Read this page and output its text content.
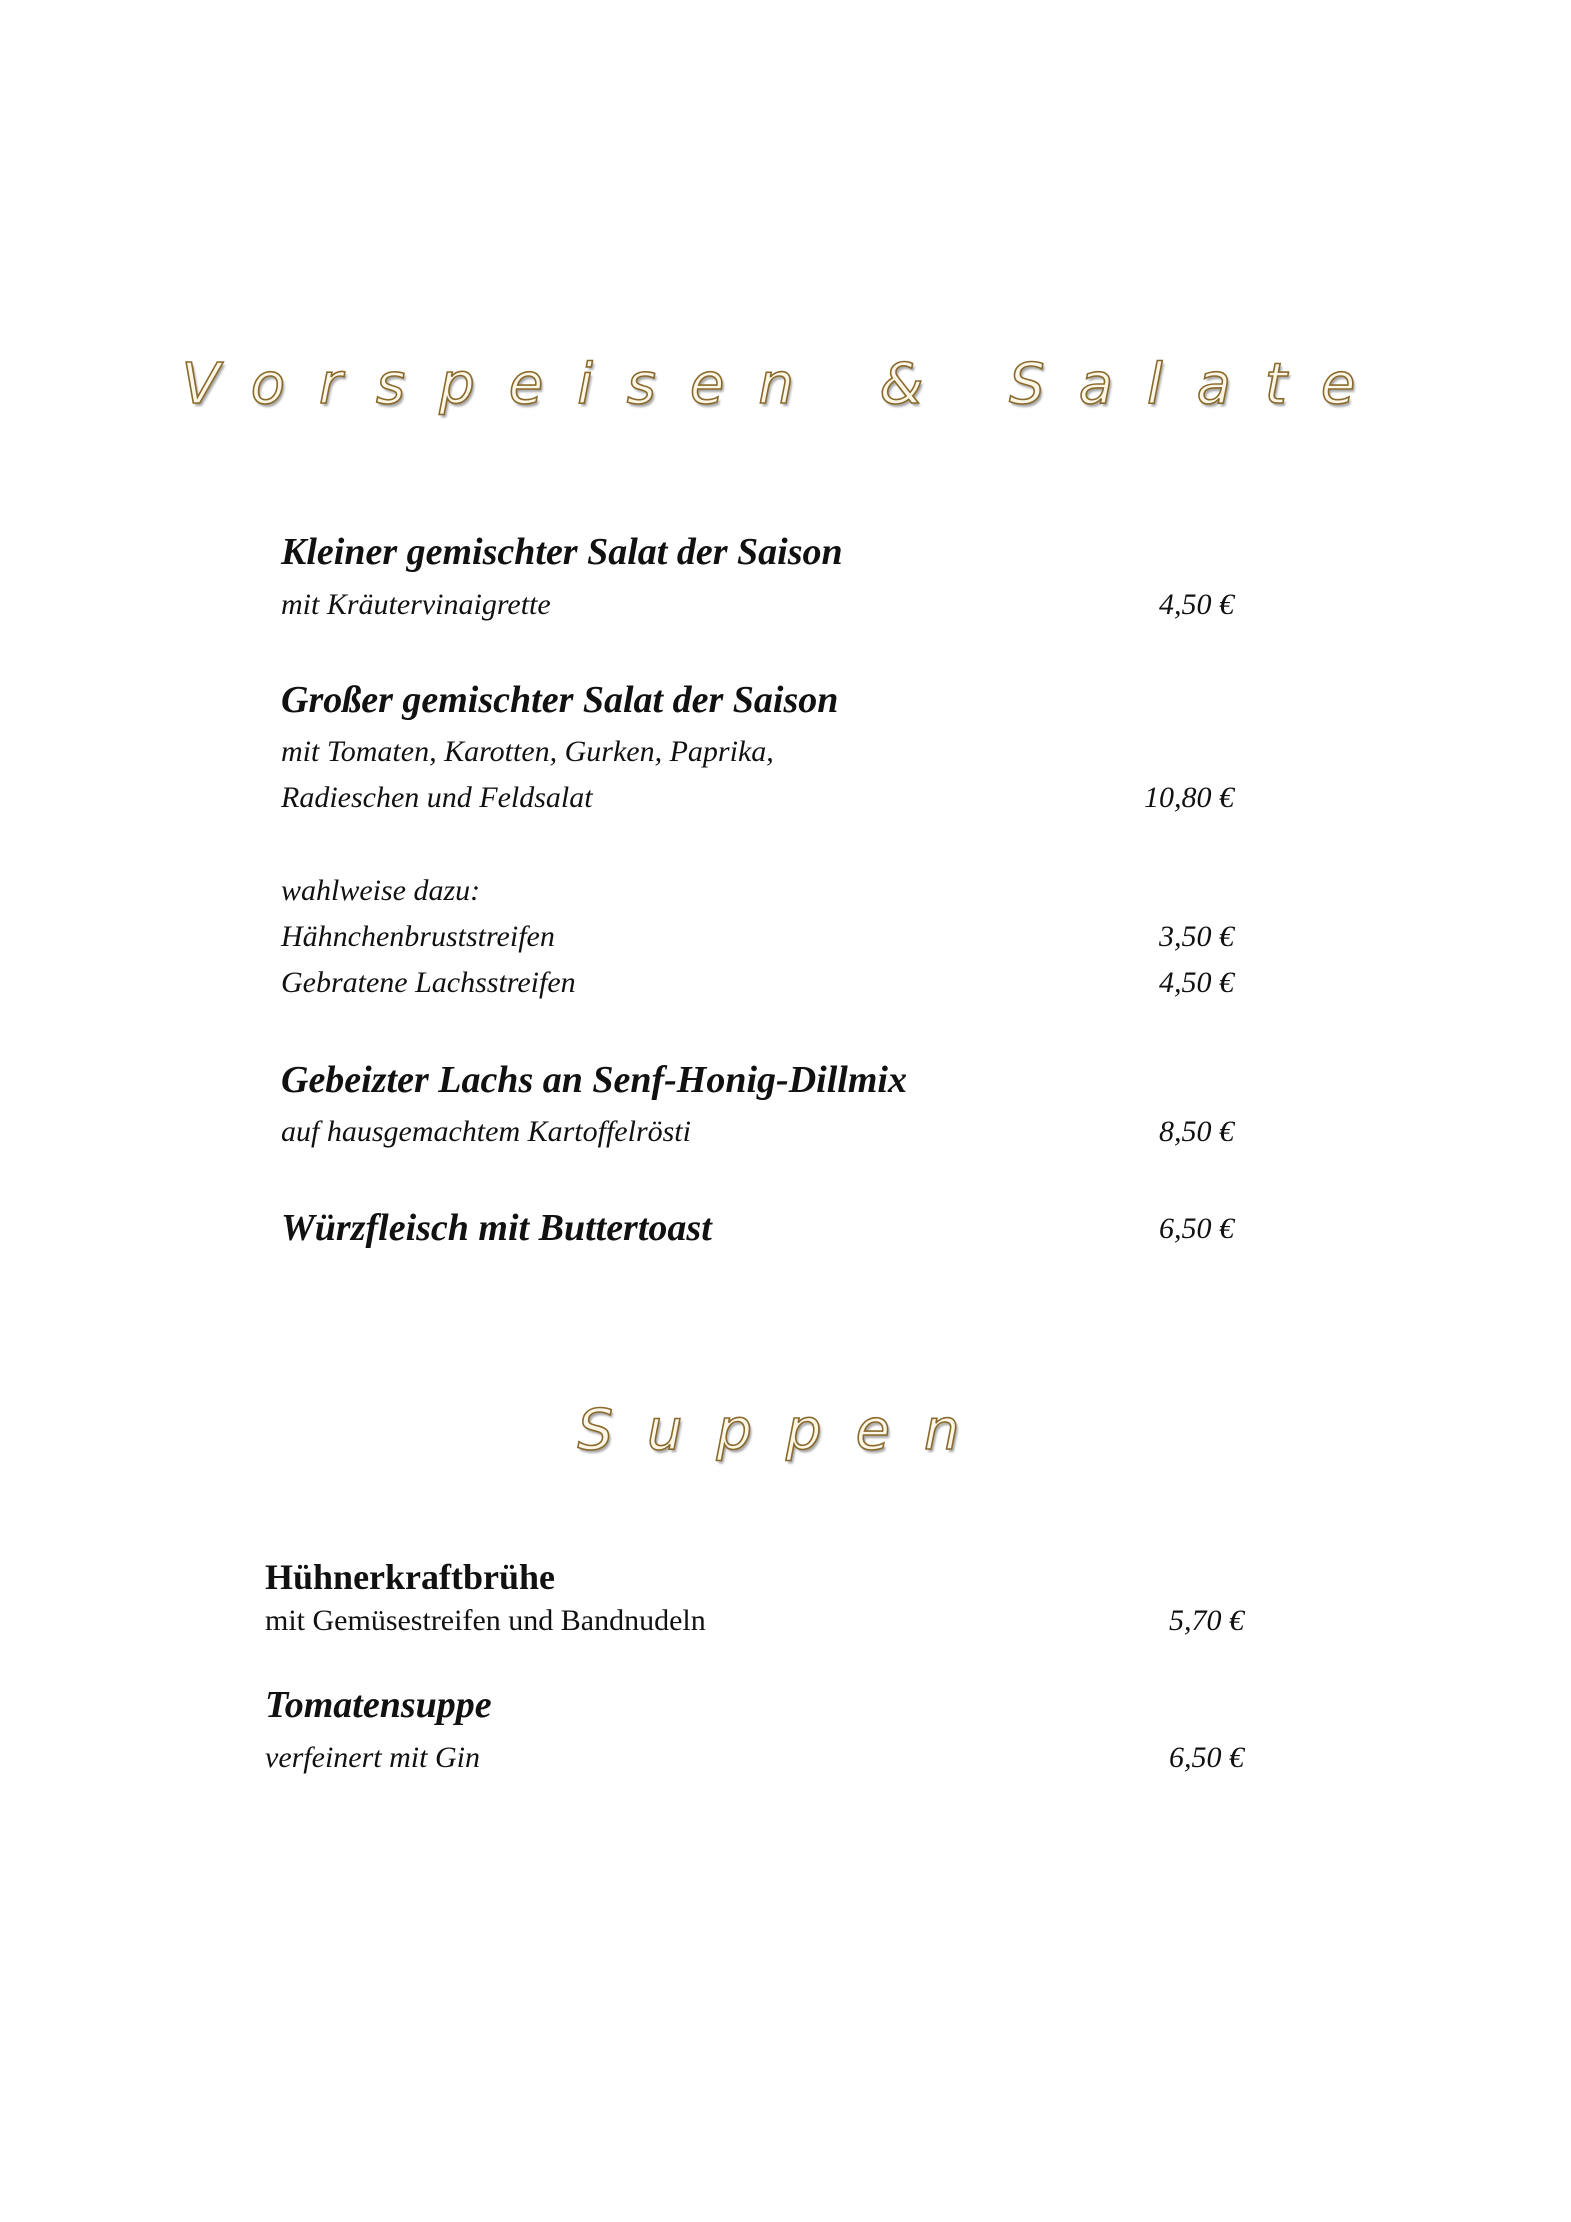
Vorspeisen & Salate
Kleiner gemischter Salat der Saison
mit Kräutervinaigrette	4,50 €
Großer gemischter Salat der Saison
mit Tomaten, Karotten, Gurken, Paprika,
Radieschen und Feldsalat	10,80 €
wahlweise dazu:
Hähnchenbruststreifen	3,50 €
Gebratene Lachsstreifen	4,50 €
Gebeizter Lachs an Senf-Honig-Dillmix
auf hausgemachtem Kartoffelrösti	8,50 €
Würzfleisch mit Buttertoast	6,50 €
Suppen
Hühnerkraftbrühe
mit Gemüsestreifen und Bandnudeln	5,70 €
Tomatensuppe
verfeinert mit Gin	6,50 €
